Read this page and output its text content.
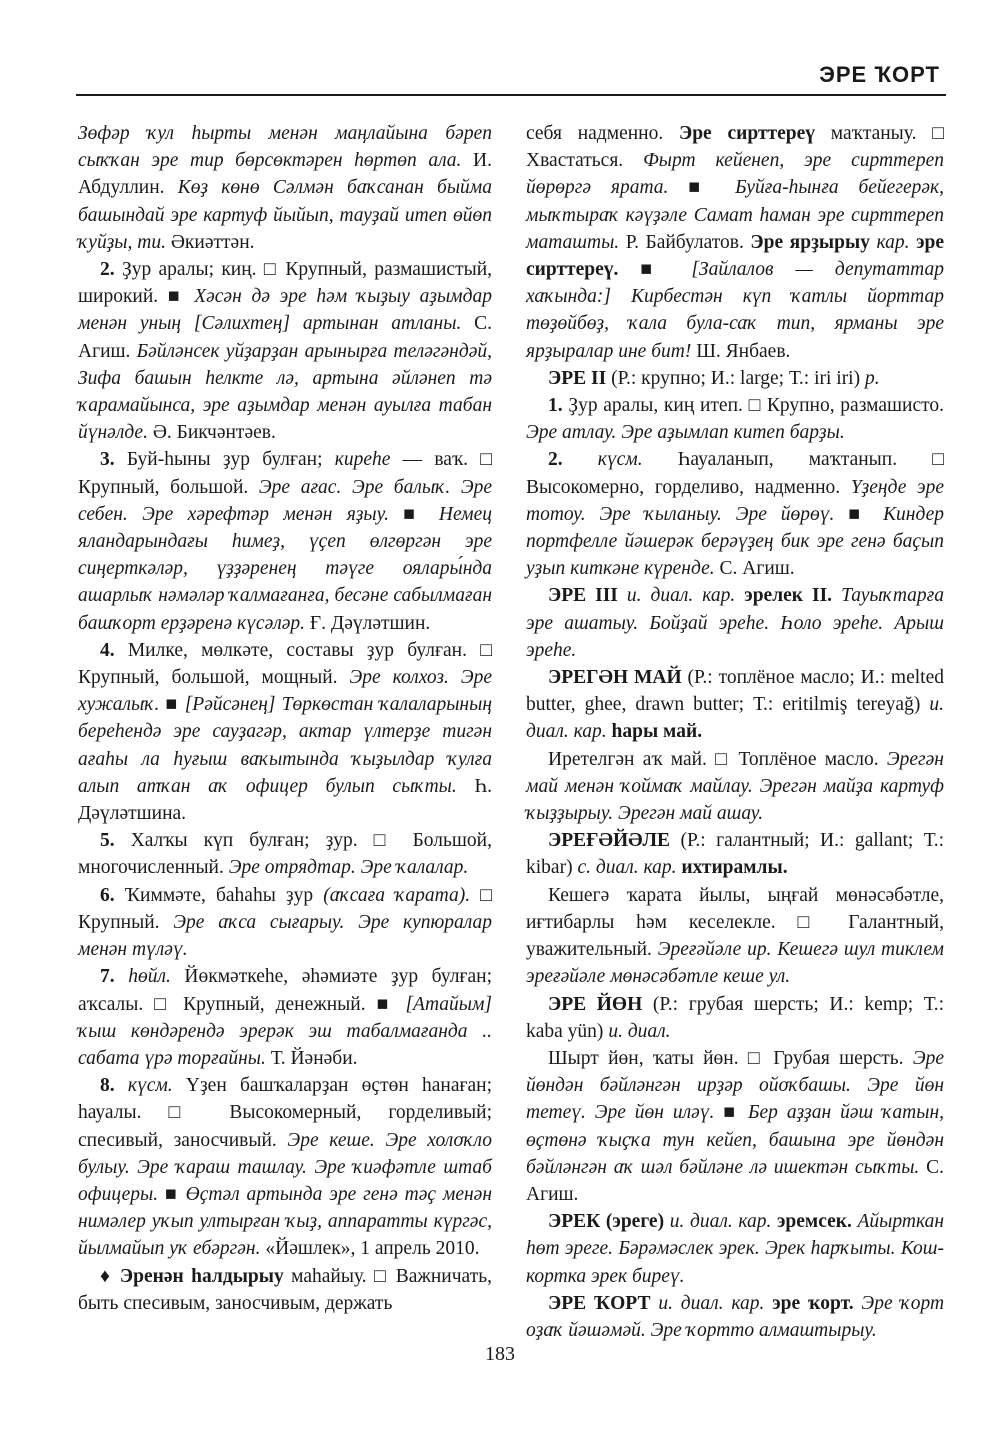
ЭРЕ ҠОРТ

Зөфәр ҡул һырты менән маңлайына бәреп сыҡҡан эре тир бөрсөктәрен һөртөп ала. И. Абдуллин. Көҙ көнө Сәлмән баҡсанан быйма башындай эре картуф йыйып, тауҙай итеп өйөп ҡуйҙы, ти. Әкиәттән.

2. Ҙур аралы; киң. □ Крупный, размашистый, широкий. ■ Хәсән дә эре һәм ҡыҙыу аҙымдар менән уның [Сәлихтең] артынан атланы. С. Агиш. Бәйләнсек уйҙарҙан арынырға теләгәндәй, Зифа башын һелкте лә, артына әйләнеп тә ҡарамайынса, эре аҙымдар менән ауылға табан йүнәлде. Ә. Бикчәнтәев.

3. Буй-һыны ҙур булған; киреһе — ваҡ. □ Крупный, большой. Эре ағас. Эре балыҡ. Эре себен. Эре хәрефтәр менән яҙыу. ■ Немец яландарындағы һимеҙ, үҫеп өлгөргән эре сиңерткәләр, үҙҙәренең тәүге оялары́нда ашарлыҡ нәмәләр ҡалмағанға, бесәне сабылмаған башҡорт ерҙәренә күсәләр. Ғ. Дәүләтшин.

4. Милке, мөлкәте, составы ҙур булған. □ Крупный, большой, мощный. Эре колхоз. Эре хужалыҡ. ■ [Рәйсәнең] Төркөстан ҡалаларының береһендә эре сауҙагәр, актар үлтерҙе тигән ағаһы ла һуғыш ваҡытында ҡыҙылдар ҡулға алып атҡан аҡ офицер булып сыҡты. Һ. Дәүләтшина.

5. Халҡы күп булған; ҙур. □ Большой, многочисленный. Эре отрядтар. Эре ҡалалар.

6. Ҡиммәте, баһаһы ҙур (аҡсаға ҡарата). □ Крупный. Эре аҡса сығарыу. Эре купюралар менән түләү.

7. һөйл. Йөкмәткеһе, әһәмиәте ҙур булған; аҡсалы. □ Крупный, денежный. ■ [Атайым] ҡыш көндәрендә эрерәк эш табалмағанда .. сабата үрә торғайны. Т. Йәнәби.

8. күсм. Үҙен башҡаларҙан өҫтөн һанаған; һауалы. □ Высокомерный, горделивый; спесивый, заносчивый. Эре кеше. Эре холоҡло булыу. Эре ҡараш ташлау. Эре ҡиәфәтле штаб офицеры. ■ Өҫтәл артында эре генә тәҫ менән нимәлер уҡып ултырған ҡыҙ, аппаратты күргәс, йылмайып уҡ ебәргән. «Йәшлек», 1 апрель 2010.

♦ Эренән һалдырыу маһайыу. □ Важничать, быть спесивым, заносчивым, держать

себя надменно. Эре сирттереү маҡтаныу. □ Хвастаться. Фырт кейенеп, эре сирттереп йөрөргә ярата. ■ Буйға-һынға бейегерәк, мыҡтыраҡ кәүҙәле Самат һаман эре сирттереп маташты. Р. Байбулатов. Эре ярҙырыу кар. эре сирттереү. ■ [Зайлалов — депутаттар хаҡында:] Кирбестән күп ҡатлы йорттар төҙөйбөҙ, ҡала була-саҡ тип, ярманы эре ярҙыралар ине бит! Ш. Янбаев.

ЭРЕ II (Р.: крупно; И.: large; Т.: iri iri) р.

1. Ҙур аралы, киң итеп. □ Крупно, размашисто. Эре атлау. Эре аҙымлап китеп барҙы.

2. күсм. Һауаланып, маҡтанып. □ Высокомерно, горделиво, надменно. Үҙеңде эре тотоу. Эре ҡыланыу. Эре йөрөү. ■ Киндер портфелле йәшерәк берәүҙең бик эре генә баҫып уҙып киткәне күренде. С. Агиш.

ЭРЕ III и. диал. кар. эрелек II. Тауыҡтарға эре ашатыу. Бойҙай эреһе. Һоло эреһе. Арыш эреһе.

ЭРЕГӘН МАЙ (Р.: топлёное масло; И.: melted butter, ghee, drawn butter; Т.: eritilmiş tereyağ) и. диал. кар. һары май.

Иретелгән аҡ май. □ Топлёное масло. Эрегән май менән ҡоймаҡ майлау. Эрегән майҙа картуф ҡыҙҙырыу. Эрегән май ашау.

ЭРЕҒӘЙӘЛЕ (Р.: галантный; И.: gallant; Т.: kibar) с. диал. кар. ихтирамлы.

Кешегә ҡарата йылы, ыңғай мөнәсәбәтле, иғтибарлы һәм кеселекле. □ Галантный, уважительный. Эреғәйәле ир. Кешегә шул тиклем эреғәйәле мөнәсәбәтле кеше ул.

ЭРЕ ЙӨН (Р.: грубая шерсть; И.: kemp; Т.: kaba yün) и. диал.

Шырт йөн, ҡаты йөн. □ Грубая шерсть. Эре йөндән бәйләнгән ирҙәр ойоҡбашы. Эре йөн тетеү. Эре йөн иләү. ■ Бер аҙҙан йәш ҡатын, өҫтөнә ҡыҫҡа тун кейеп, башына эре йөндән бәйләнгән аҡ шәл бәйләне лә ишектән сыҡты. С. Агиш.

ЭРЕК (эреге) и. диал. кар. эремсек. Айырткан һөт эреге. Бәрәмәслек эрек. Эрек һарҡыты. Кош-кортка эрек биреү.

ЭРЕ ҠОРТ и. диал. кар. эре ҡорт. Эре ҡорт оҙаҡ йәшәмәй. Эре ҡортто алмаштырыу.

183
